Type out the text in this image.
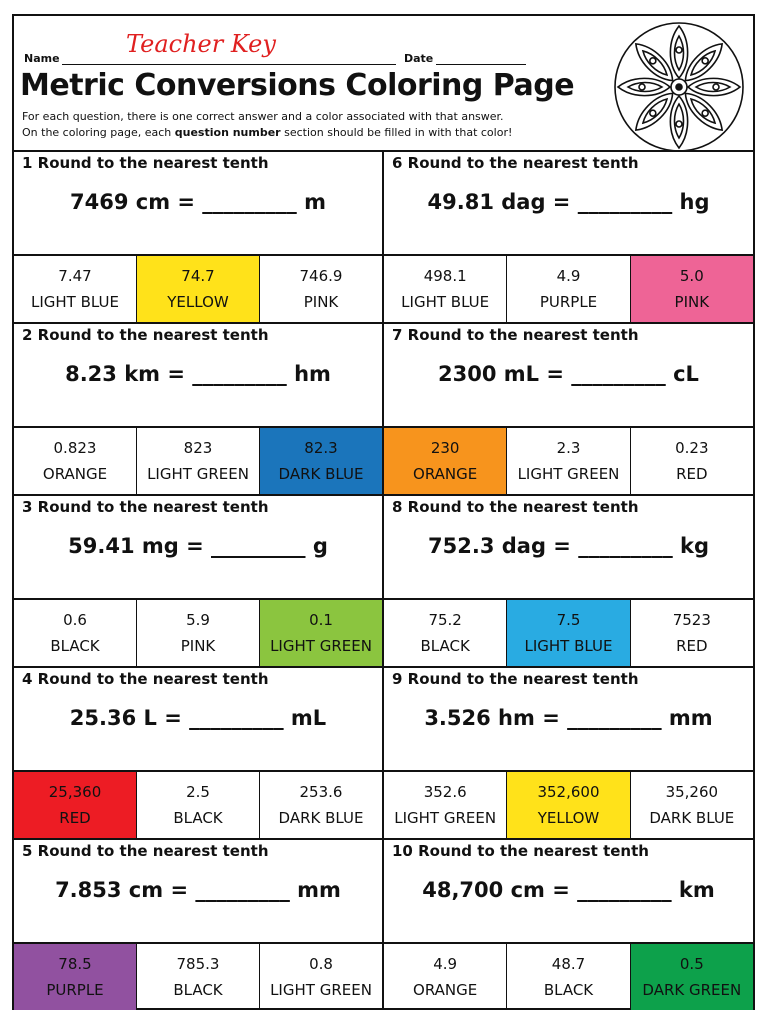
Name
Teacher Key
Date
Metric Conversions Coloring Page
For each question, there is one correct answer and a color associated with that answer.
On the coloring page, each question number section should be filled in with that color!
1 Round to the nearest tenth
7469 cm = _________ m
7.47
LIGHT BLUE
74.7
YELLOW
746.9
PINK
2 Round to the nearest tenth
8.23 km = _________ hm
0.823
ORANGE
823
LIGHT GREEN
82.3
DARK BLUE
3 Round to the nearest tenth
59.41 mg = _________ g
0.6
BLACK
5.9
PINK
0.1
LIGHT GREEN
4 Round to the nearest tenth
25.36 L = _________ mL
25,360
RED
2.5
BLACK
253.6
DARK BLUE
5 Round to the nearest tenth
7.853 cm = _________ mm
78.5
PURPLE
785.3
BLACK
0.8
LIGHT GREEN
6 Round to the nearest tenth
49.81 dag = _________ hg
498.1
LIGHT BLUE
4.9
PURPLE
5.0
PINK
7 Round to the nearest tenth
2300 mL = _________ cL
230
ORANGE
2.3
LIGHT GREEN
0.23
RED
8 Round to the nearest tenth
752.3 dag = _________ kg
75.2
BLACK
7.5
LIGHT BLUE
7523
RED
9 Round to the nearest tenth
3.526 hm = _________ mm
352.6
LIGHT GREEN
352,600
YELLOW
35,260
DARK BLUE
10 Round to the nearest tenth
48,700 cm = _________ km
4.9
ORANGE
48.7
BLACK
0.5
DARK GREEN
